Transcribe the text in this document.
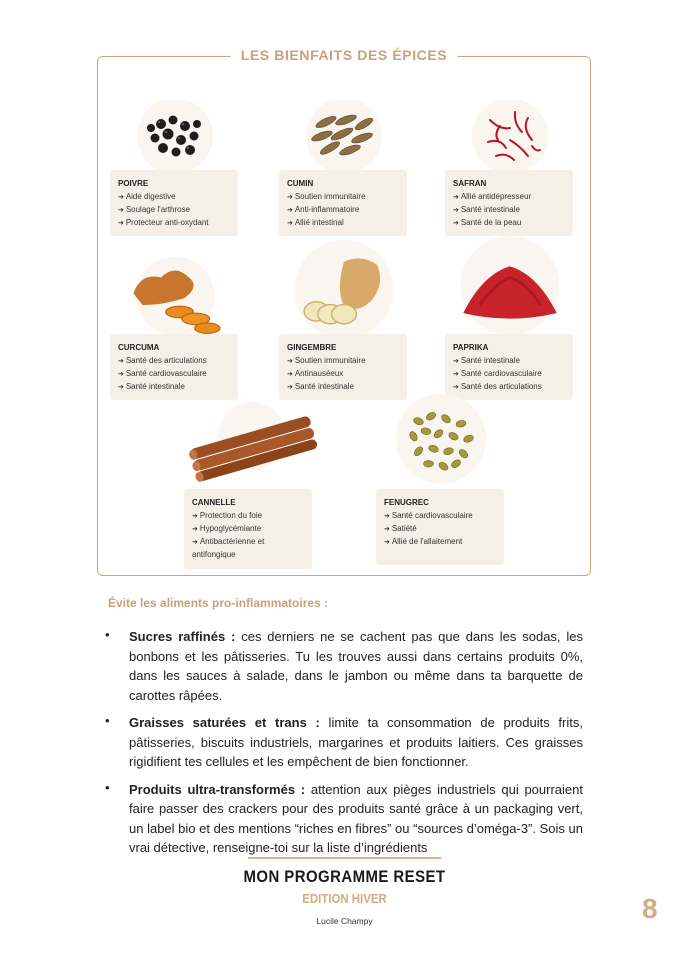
LES BIENFAITS DES ÉPICES
POIVRE
➔ Aide digestive
➔ Soulage l'arthrose
➔ Protecteur anti-oxydant
CUMIN
➔ Soutien immunitaire
➔ Anti-inflammatoire
➔ Allié intestinal
SAFRAN
➔ Allié antidépresseur
➔ Santé intestinale
➔ Santé de la peau
CURCUMA
➔ Santé des articulations
➔ Santé cardiovasculaire
➔ Santé intestinale
GINGEMBRE
➔ Soutien immunitaire
➔ Antinauséeux
➔ Santé intestinale
PAPRIKA
➔ Santé intestinale
➔ Santé cardiovasculaire
➔ Santé des articulations
CANNELLE
➔ Protection du foie
➔ Hypoglycémiante
➔ Antibactérienne et antifongique
FENUGREC
➔ Santé cardiovasculaire
➔ Satiété
➔ Allié de l'allaitement
Évite les aliments pro-inflammatoires :

• Sucres raffinés : ces derniers ne se cachent pas que dans les sodas, les bonbons et les pâtisseries. Tu les trouves aussi dans certains produits 0%, dans les sauces à salade, dans le jambon ou même dans ta barquette de carottes râpées.

• Graisses saturées et trans : limite ta consommation de produits frits, pâtisseries, biscuits industriels, margarines et produits laitiers. Ces graisses rigidifient tes cellules et les empêchent de bien fonctionner.

• Produits ultra-transformés : attention aux pièges industriels qui pourraient faire passer des crackers pour des produits santé grâce à un packaging vert, un label bio et des mentions “riches en fibres” ou “sources d’oméga-3”. Sois un vrai détective, renseigne-toi sur la liste d’ingrédients

MON PROGRAMME RESET
EDITION HIVER
Lucile Champy	8
